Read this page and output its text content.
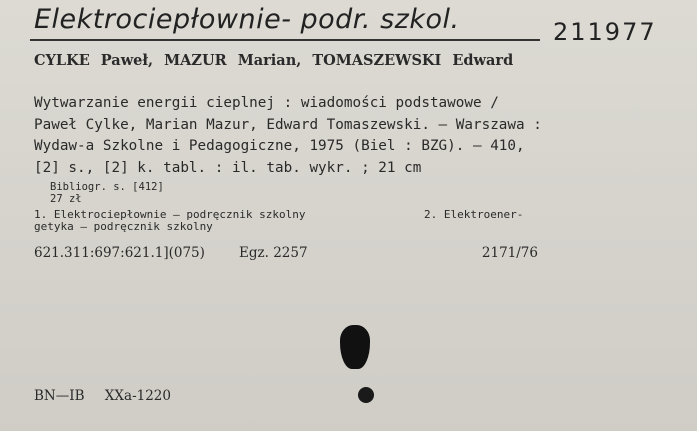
Elektrociepłownie- podr. szkol.	211977
CYLKE Paweł, MAZUR Marian, TOMASZEWSKI Edward
Wytwarzanie energii cieplnej : wiadomości podstawowe / Paweł Cylke, Marian Mazur, Edward Tomaszewski. – Warszawa : Wydaw-a Szkolne i Pedagogiczne, 1975 (Biel : BZG). – 410, [2] s., [2] k. tabl. : il. tab. wykr. ; 21 cm
Bibliogr. s. [412]
27 zł
1. Elektrociepłownie — podręcznik szkolny	2. Elektroener-
getyka — podręcznik szkolny
621.311:697:621.1](075)	Egz. 2257	2171/76
BN—IB XXa-1220
